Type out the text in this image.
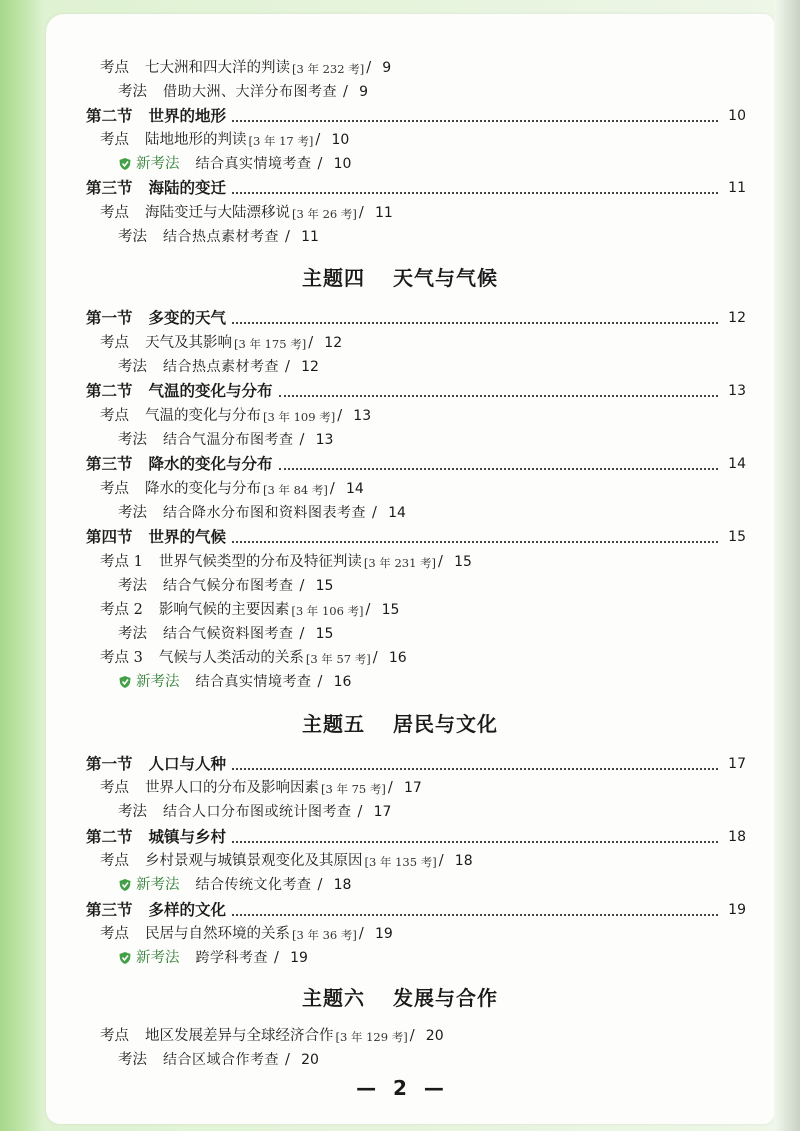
考点 七大洲和四大洋的判读 [3 年 232 考] / 9
考法 借助大洲、大洋分布图考查 / 9
第二节 世界的地形	10
考点 陆地地形的判读 [3 年 17 考] / 10
新考法 结合真实情境考查 / 10
第三节 海陆的变迁	11
考点 海陆变迁与大陆漂移说 [3 年 26 考] / 11
考法 结合热点素材考查 / 11
第一节 多变的天气	12
考点 天气及其影响 [3 年 175 考] / 12
考法 结合热点素材考查 / 12
第二节 气温的变化与分布	13
考点 气温的变化与分布 [3 年 109 考] / 13
考法 结合气温分布图考查 / 13
第三节 降水的变化与分布	14
考点 降水的变化与分布 [3 年 84 考] / 14
考法 结合降水分布图和资料图表考查 / 14
第四节 世界的气候	15
考点 1 世界气候类型的分布及特征判读 [3 年 231 考] / 15
考法 结合气候分布图考查 / 15
考点 2 影响气候的主要因素 [3 年 106 考] / 15
考法 结合气候资料图考查 / 15
考点 3 气候与人类活动的关系 [3 年 57 考] / 16
新考法 结合真实情境考查 / 16
第一节 人口与人种	17
考点 世界人口的分布及影响因素 [3 年 75 考] / 17
考法 结合人口分布图或统计图考查 / 17
第二节 城镇与乡村	18
考点 乡村景观与城镇景观变化及其原因 [3 年 135 考] / 18
新考法 结合传统文化考查 / 18
第三节 多样的文化	19
考点 民居与自然环境的关系 [3 年 36 考] / 19
新考法 跨学科考查 / 19
考点 地区发展差异与全球经济合作 [3 年 129 考] / 20
考法 结合区域合作考查 / 20
主题四 天气与气候
主题五 居民与文化
主题六 发展与合作
— 2 —
